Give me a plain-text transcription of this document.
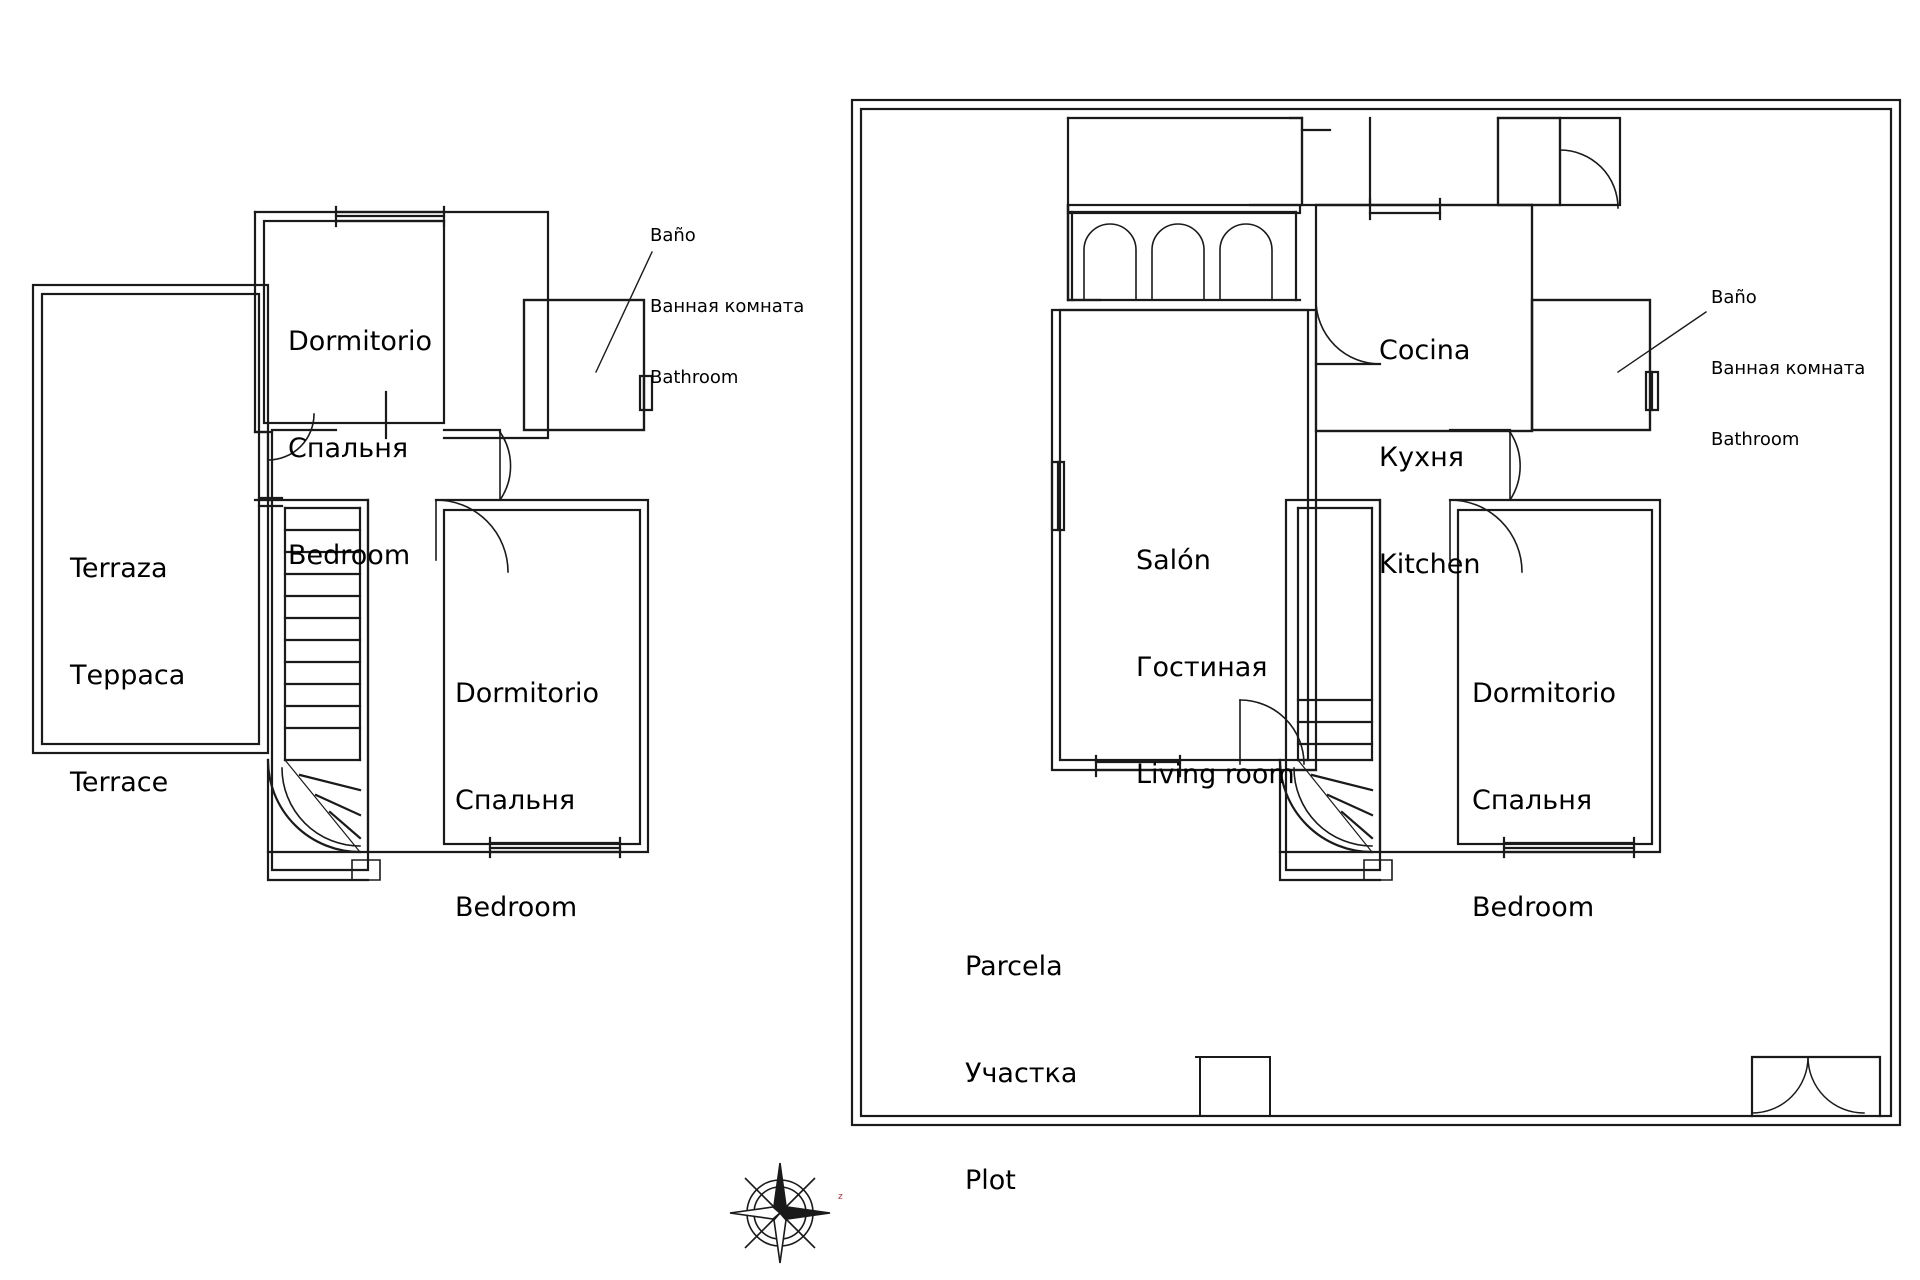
Terraza

Терраса

Terrace

Dormitorio

Спальня

Bedroom

Dormitorio

Спальня

Bedroom

Baño

Ванная комната

Bathroom

Cocina

Кухня

Kitchen

Salón

Гостиная

Living room

Dormitorio

Спальня

Bedroom

Baño

Ванная комната

Bathroom

Parcela

Участка

Plot

z
